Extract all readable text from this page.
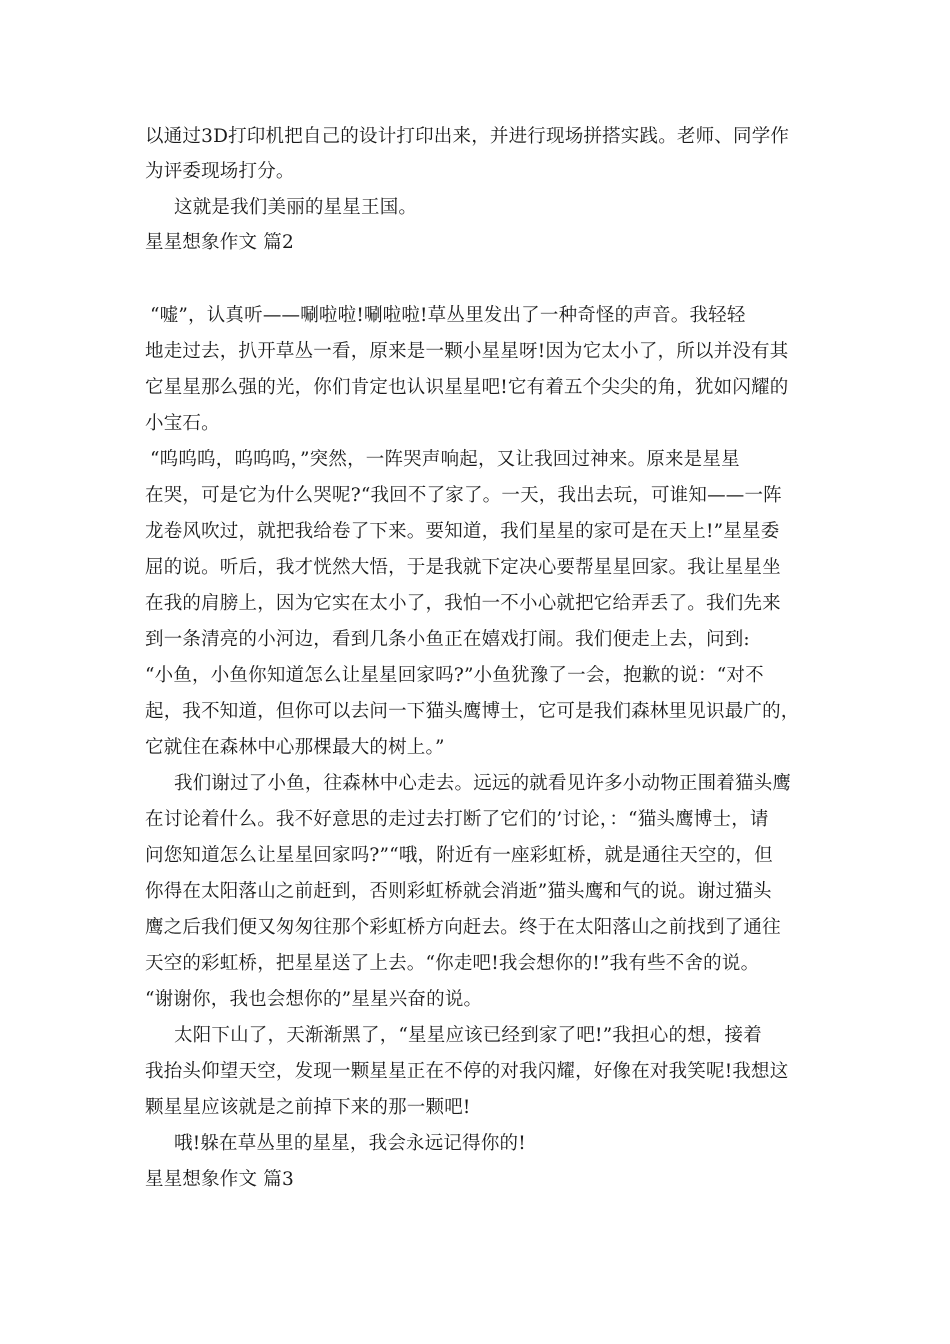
以通过3D打印机把自己的设计打印出来，并进行现场拼搭实践。老师、同学作
为评委现场打分。
这就是我们美丽的星星王国。
星星想象作文 篇2
“嘘”，认真听——唰啦啦!唰啦啦!草丛里发出了一种奇怪的声音。我轻轻
地走过去，扒开草丛一看，原来是一颗小星星呀!因为它太小了，所以并没有其
它星星那么强的光，你们肯定也认识星星吧!它有着五个尖尖的角，犹如闪耀的
小宝石。
“呜呜呜，呜呜呜，”突然，一阵哭声响起，又让我回过神来。原来是星星
在哭，可是它为什么哭呢?“我回不了家了。一天，我出去玩，可谁知——一阵
龙卷风吹过，就把我给卷了下来。要知道，我们星星的家可是在天上!”星星委
屈的说。听后，我才恍然大悟，于是我就下定决心要帮星星回家。我让星星坐
在我的肩膀上，因为它实在太小了，我怕一不小心就把它给弄丢了。我们先来
到一条清亮的小河边，看到几条小鱼正在嬉戏打闹。我们便走上去，问到:
“小鱼，小鱼你知道怎么让星星回家吗?”小鱼犹豫了一会，抱歉的说：“对不
起，我不知道，但你可以去问一下猫头鹰博士，它可是我们森林里见识最广的，
它就住在森林中心那棵最大的树上。”
我们谢过了小鱼，往森林中心走去。远远的就看见许多小动物正围着猫头鹰
在讨论着什么。我不好意思的走过去打断了它们的’讨论，：“猫头鹰博士，请
问您知道怎么让星星回家吗?”“哦，附近有一座彩虹桥，就是通往天空的，但
你得在太阳落山之前赶到，否则彩虹桥就会消逝”猫头鹰和气的说。谢过猫头
鹰之后我们便又匆匆往那个彩虹桥方向赶去。终于在太阳落山之前找到了通往
天空的彩虹桥，把星星送了上去。“你走吧!我会想你的!”我有些不舍的说。
“谢谢你，我也会想你的”星星兴奋的说。
太阳下山了，天渐渐黑了，“星星应该已经到家了吧!”我担心的想，接着
我抬头仰望天空，发现一颗星星正在不停的对我闪耀，好像在对我笑呢!我想这
颗星星应该就是之前掉下来的那一颗吧!
哦!躲在草丛里的星星，我会永远记得你的!
星星想象作文 篇3
